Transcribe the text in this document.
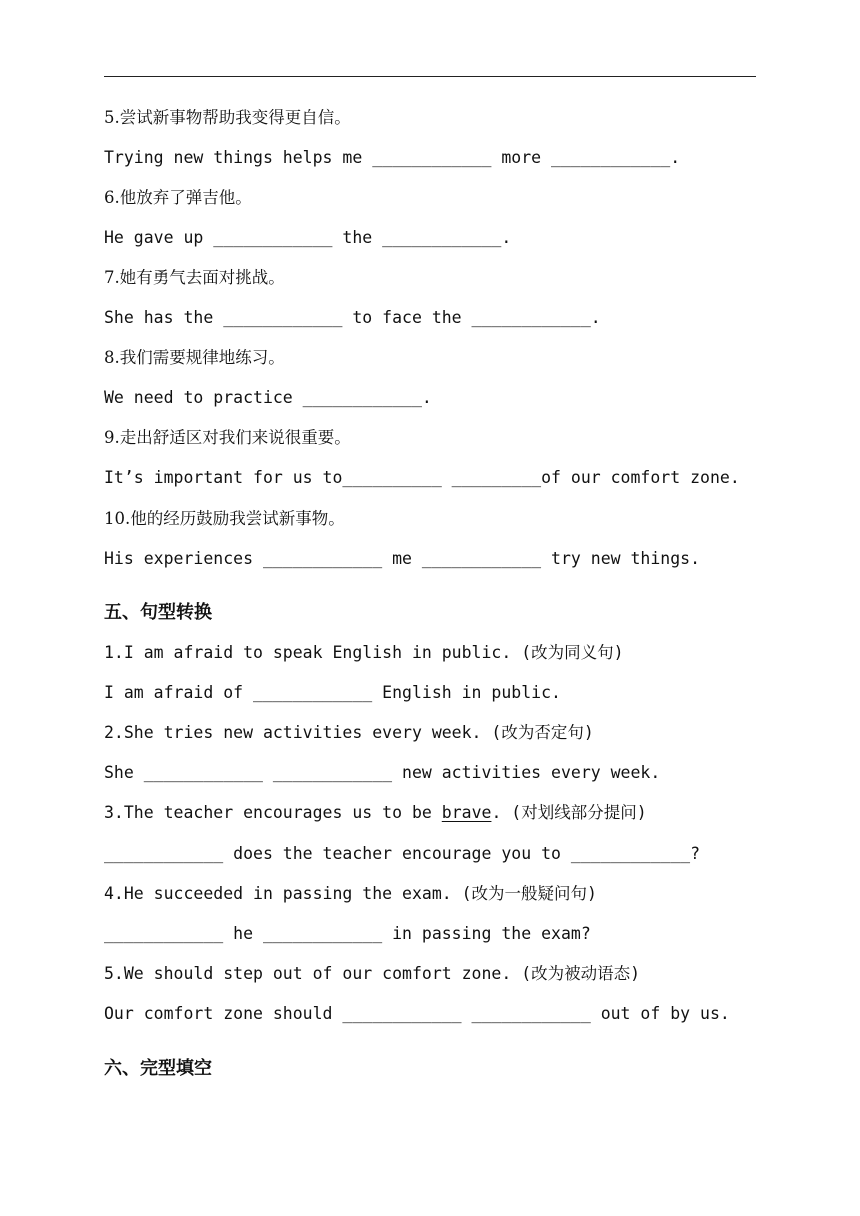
5.尝试新事物帮助我变得更自信。
Trying new things helps me ____________ more ____________.
6.他放弃了弹吉他。
He gave up ____________ the ____________.
7.她有勇气去面对挑战。
She has the ____________ to face the ____________.
8.我们需要规律地练习。
We need to practice ____________.
9.走出舒适区对我们来说很重要。
It’s important for us to__________ _________of our comfort zone.
10.他的经历鼓励我尝试新事物。
His experiences ____________ me ____________ try new things.
五、句型转换
1.I am afraid to speak English in public. (改为同义句)
I am afraid of ____________ English in public.
2.She tries new activities every week. (改为否定句)
She ____________ ____________ new activities every week.
3.The teacher encourages us to be brave. (对划线部分提问)
____________ does the teacher encourage you to ____________?
4.He succeeded in passing the exam. (改为一般疑问句)
____________ he ____________ in passing the exam?
5.We should step out of our comfort zone. (改为被动语态)
Our comfort zone should ____________ ____________ out of by us.
六、完型填空
